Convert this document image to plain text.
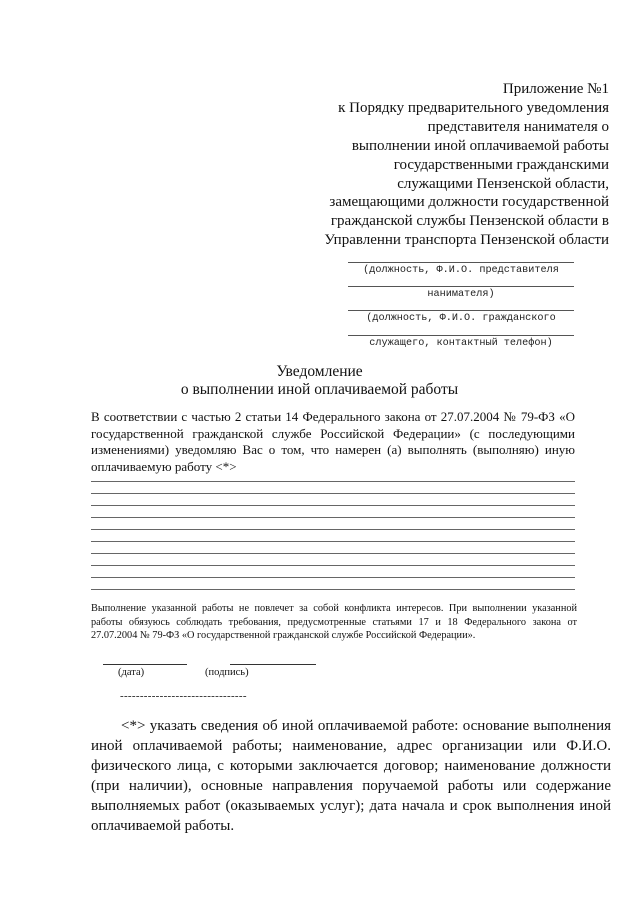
Приложение №1
к Порядку предварительного уведомления
представителя нанимателя о
выполнении иной оплачиваемой работы
государственными гражданскими
служащими Пензенской области,
замещающими должности государственной
гражданской службы Пензенской области в
Управленни транспорта Пензенской области
(должность, Ф.И.О. представителя
нанимателя)
(должность, Ф.И.О. гражданского
служащего, контактный телефон)
Уведомление
о выполнении иной оплачиваемой работы
В соответствии с частью 2 статьи 14 Федерального закона от 27.07.2004 № 79-ФЗ «О государственной гражданской службе Российской Федерации» (с последующими изменениями) уведомляю Вас о том, что намерен (а) выполнять (выполняю) иную оплачиваемую работу <*>
Выполнение указанной работы не повлечет за собой конфликта интересов. При выполнении указанной работы обязуюсь соблюдать требования, предусмотренные статьями 17 и 18 Федерального закона от 27.07.2004 № 79-ФЗ «О государственной гражданской службе Российской Федерации».
(дата)	(подпись)
--------------------------------
<*> указать сведения об иной оплачиваемой работе: основание выполнения иной оплачиваемой работы; наименование, адрес организации или Ф.И.О. физического лица, с которыми заключается договор; наименование должности (при наличии), основные направления поручаемой работы или содержание выполняемых работ (оказываемых услуг); дата начала и срок выполнения иной оплачиваемой работы.
